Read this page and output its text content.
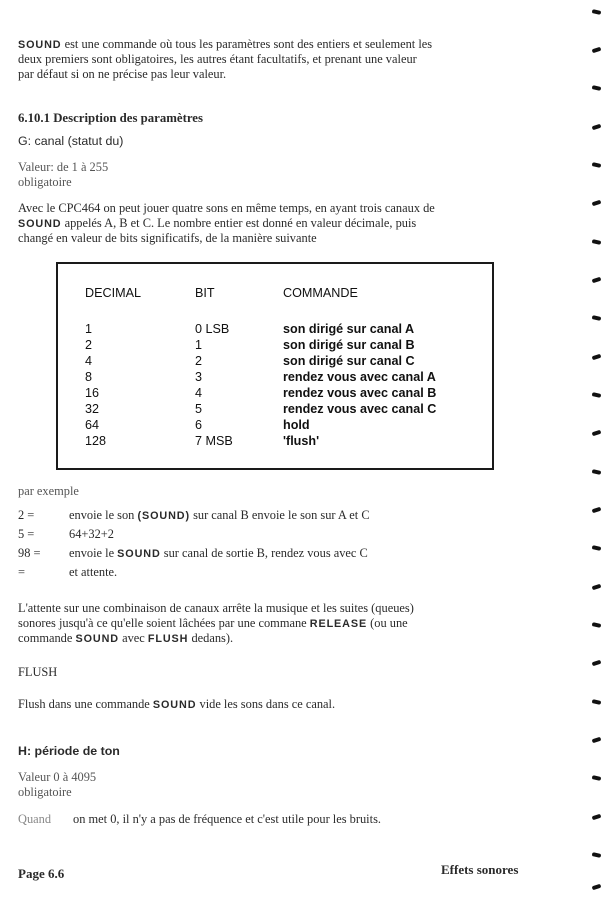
SOUND est une commande où tous les paramètres sont des entiers et seulement les
deux premiers sont obligatoires, les autres étant facultatifs, et prenant une valeur
par défaut si on ne précise pas leur valeur.
6.10.1 Description des paramètres
G: canal (statut du)
Valeur: de 1 à 255
obligatoire
Avec le CPC464 on peut jouer quatre sons en même temps, en ayant trois canaux de
SOUND appelés A, B et C. Le nombre entier est donné en valeur décimale, puis
changé en valeur de bits significatifs, de la manière suivante
DECIMAL	BIT	COMMANDE
1	0 LSB	son dirigé sur canal A
2	1	son dirigé sur canal B
4	2	son dirigé sur canal C
8	3	rendez vous avec canal A
16	4	rendez vous avec canal B
32	5	rendez vous avec canal C
64	6	hold
128	7 MSB	'flush'
par exemple
2 =	envoie le son (SOUND) sur canal B envoie le son sur A et C
5 =	64+32+2
98 = envoie le SOUND sur canal de sortie B, rendez vous avec C
=	et attente.
L'attente sur une combinaison de canaux arrête la musique et les suites (queues)
sonores jusqu'à ce qu'elle soient lâchées par une commane RELEASE (ou une
commande SOUND avec FLUSH dedans).
FLUSH
Flush dans une commande SOUND vide les sons dans ce canal.
H: période de ton
Valeur 0 à 4095
obligatoire
Quand on met 0, il n'y a pas de fréquence et c'est utile pour les bruits.
Page 6.6	Effets sonores
